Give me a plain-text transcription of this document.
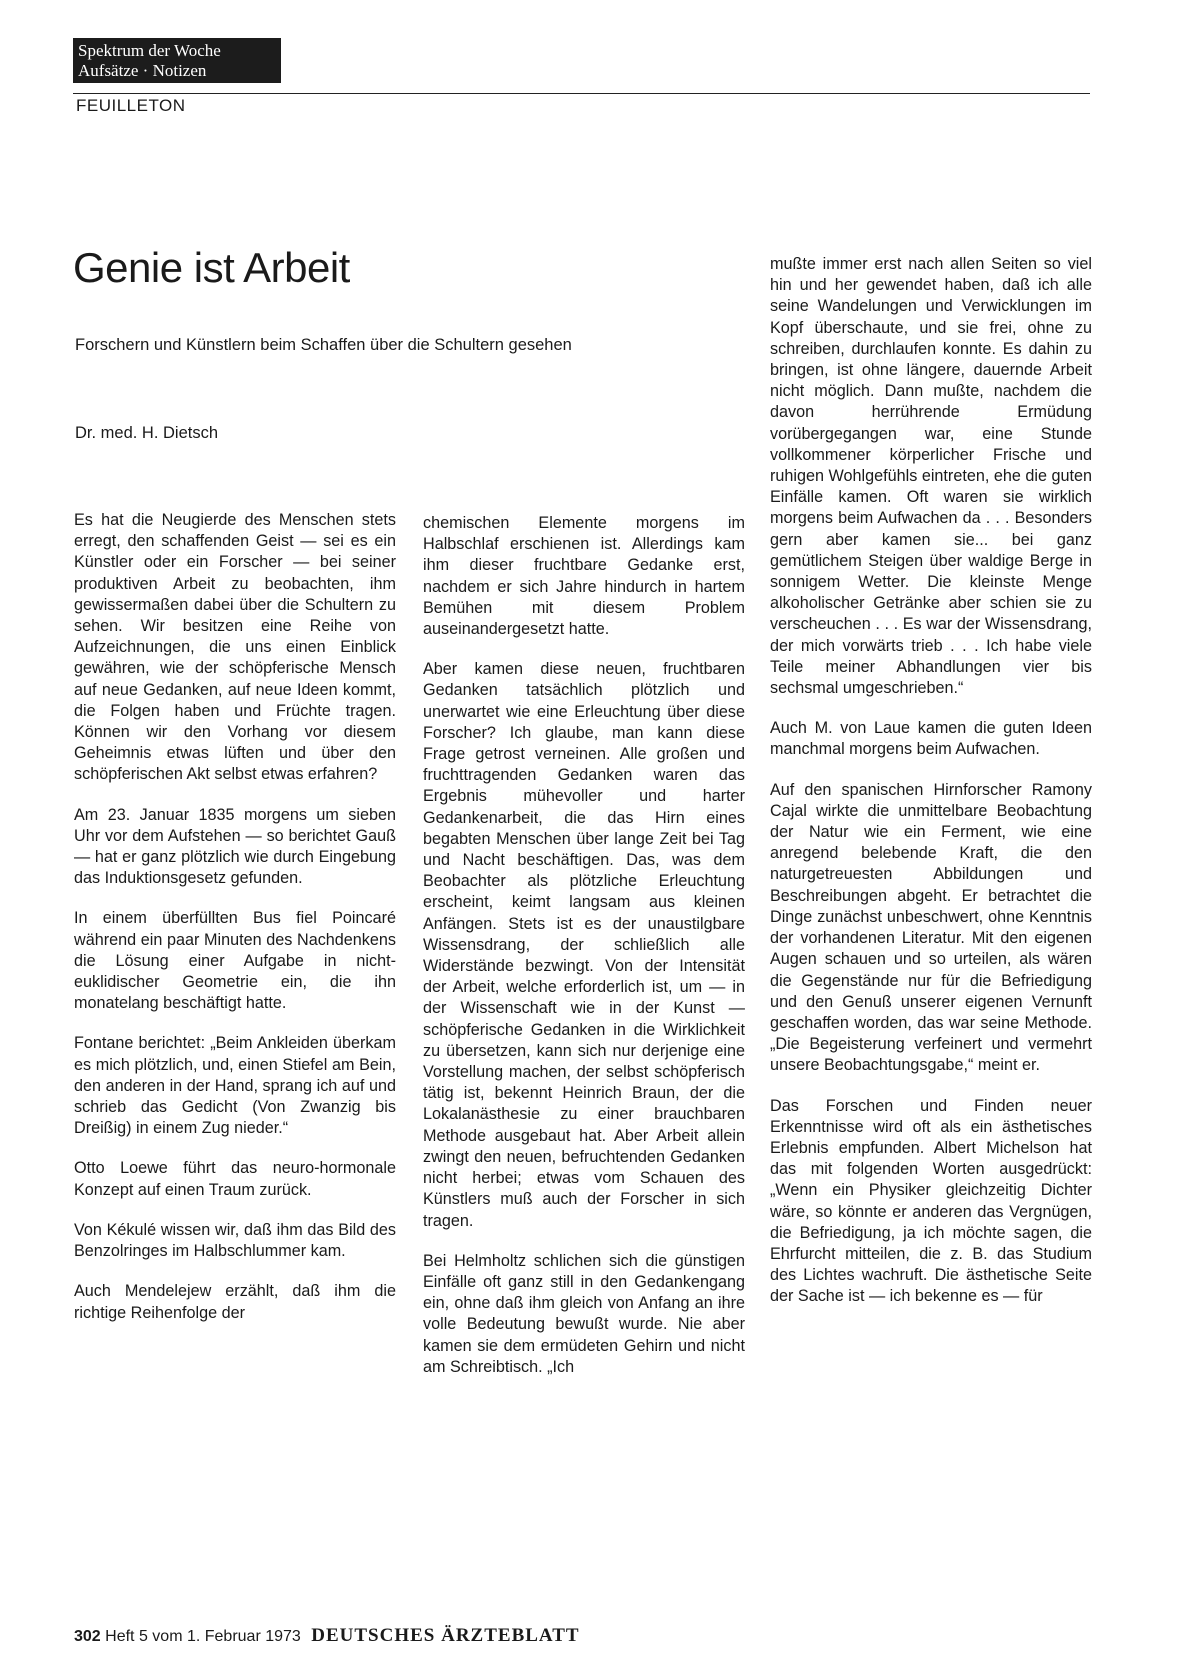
Spektrum der Woche
Aufsätze · Notizen
FEUILLETON
Genie ist Arbeit
Forschern und Künstlern beim Schaffen über die Schultern gesehen
Dr. med. H. Dietsch

Es hat die Neugierde des Menschen stets erregt, den schaffenden Geist — sei es ein Künstler oder ein Forscher — bei seiner produktiven Arbeit zu beobachten, ihm gewissermaßen dabei über die Schultern zu sehen. Wir besitzen eine Reihe von Aufzeichnungen, die uns einen Einblick gewähren, wie der schöpferische Mensch auf neue Gedanken, auf neue Ideen kommt, die Folgen haben und Früchte tragen. Können wir den Vorhang vor diesem Geheimnis etwas lüften und über den schöpferischen Akt selbst etwas erfahren?

Am 23. Januar 1835 morgens um sieben Uhr vor dem Aufstehen — so berichtet Gauß — hat er ganz plötzlich wie durch Eingebung das Induktionsgesetz gefunden.

In einem überfüllten Bus fiel Poincaré während ein paar Minuten des Nachdenkens die Lösung einer Aufgabe in nicht-euklidischer Geometrie ein, die ihn monatelang beschäftigt hatte.

Fontane berichtet: „Beim Ankleiden überkam es mich plötzlich, und, einen Stiefel am Bein, den anderen in der Hand, sprang ich auf und schrieb das Gedicht (Von Zwanzig bis Dreißig) in einem Zug nieder.“

Otto Loewe führt das neuro-hormonale Konzept auf einen Traum zurück.

Von Kékulé wissen wir, daß ihm das Bild des Benzolringes im Halbschlummer kam.

Auch Mendelejew erzählt, daß ihm die richtige Reihenfolge der

chemischen Elemente morgens im Halbschlaf erschienen ist. Allerdings kam ihm dieser fruchtbare Gedanke erst, nachdem er sich Jahre hindurch in hartem Bemühen mit diesem Problem auseinandergesetzt hatte.

Aber kamen diese neuen, fruchtbaren Gedanken tatsächlich plötzlich und unerwartet wie eine Erleuchtung über diese Forscher? Ich glaube, man kann diese Frage getrost verneinen. Alle großen und fruchttragenden Gedanken waren das Ergebnis mühevoller und harter Gedankenarbeit, die das Hirn eines begabten Menschen über lange Zeit bei Tag und Nacht beschäftigen. Das, was dem Beobachter als plötzliche Erleuchtung erscheint, keimt langsam aus kleinen Anfängen. Stets ist es der unaustilgbare Wissensdrang, der schließlich alle Widerstände bezwingt. Von der Intensität der Arbeit, welche erforderlich ist, um — in der Wissenschaft wie in der Kunst — schöpferische Gedanken in die Wirklichkeit zu übersetzen, kann sich nur derjenige eine Vorstellung machen, der selbst schöpferisch tätig ist, bekennt Heinrich Braun, der die Lokalanästhesie zu einer brauchbaren Methode ausgebaut hat. Aber Arbeit allein zwingt den neuen, befruchtenden Gedanken nicht herbei; etwas vom Schauen des Künstlers muß auch der Forscher in sich tragen.

Bei Helmholtz schlichen sich die günstigen Einfälle oft ganz still in den Gedankengang ein, ohne daß ihm gleich von Anfang an ihre volle Bedeutung bewußt wurde. Nie aber kamen sie dem ermüdeten Gehirn und nicht am Schreibtisch. „Ich

mußte immer erst nach allen Seiten so viel hin und her gewendet haben, daß ich alle seine Wandelungen und Verwicklungen im Kopf überschaute, und sie frei, ohne zu schreiben, durchlaufen konnte. Es dahin zu bringen, ist ohne längere, dauernde Arbeit nicht möglich. Dann mußte, nachdem die davon herrührende Ermüdung vorübergegangen war, eine Stunde vollkommener körperlicher Frische und ruhigen Wohlgefühls eintreten, ehe die guten Einfälle kamen. Oft waren sie wirklich morgens beim Aufwachen da . . . Besonders gern aber kamen sie... bei ganz gemütlichem Steigen über waldige Berge in sonnigem Wetter. Die kleinste Menge alkoholischer Getränke aber schien sie zu verscheuchen . . . Es war der Wissensdrang, der mich vorwärts trieb . . . Ich habe viele Teile meiner Abhandlungen vier bis sechsmal umgeschrieben.“

Auch M. von Laue kamen die guten Ideen manchmal morgens beim Aufwachen.

Auf den spanischen Hirnforscher Ramony Cajal wirkte die unmittelbare Beobachtung der Natur wie ein Ferment, wie eine anregend belebende Kraft, die den naturgetreuesten Abbildungen und Beschreibungen abgeht. Er betrachtet die Dinge zunächst unbeschwert, ohne Kenntnis der vorhandenen Literatur. Mit den eigenen Augen schauen und so urteilen, als wären die Gegenstände nur für die Befriedigung und den Genuß unserer eigenen Vernunft geschaffen worden, das war seine Methode. „Die Begeisterung verfeinert und vermehrt unsere Beobachtungsgabe,“ meint er.

Das Forschen und Finden neuer Erkenntnisse wird oft als ein ästhetisches Erlebnis empfunden. Albert Michelson hat das mit folgenden Worten ausgedrückt: „Wenn ein Physiker gleichzeitig Dichter wäre, so könnte er anderen das Vergnügen, die Befriedigung, ja ich möchte sagen, die Ehrfurcht mitteilen, die z. B. das Studium des Lichtes wachruft. Die ästhetische Seite der Sache ist — ich bekenne es — für

302 Heft 5 vom 1. Februar 1973 DEUTSCHES ÄRZTEBLATT
